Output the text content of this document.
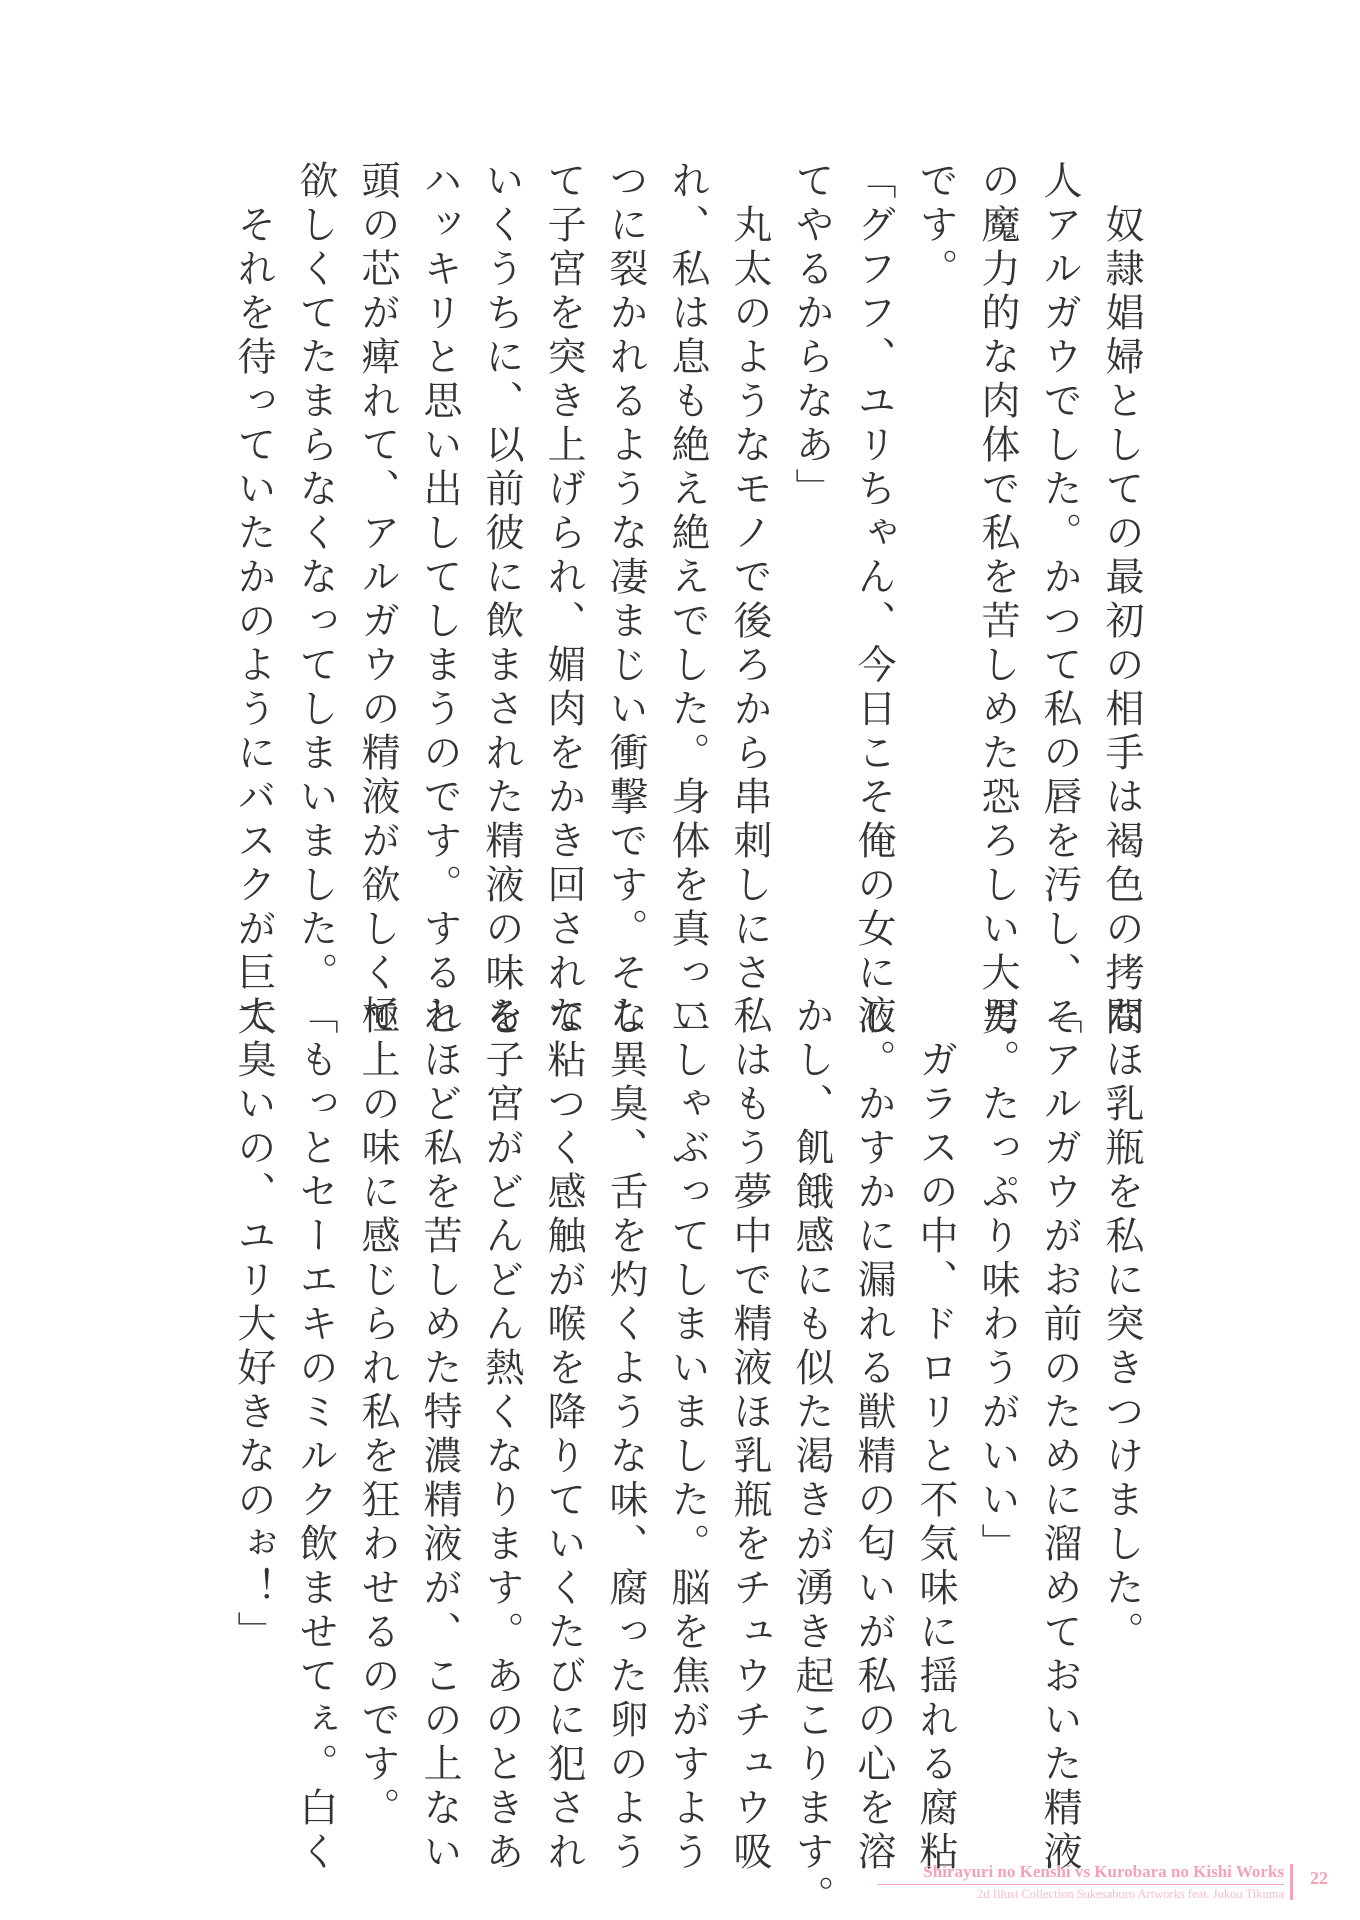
　奴隷娼婦としての最初の相手は褐色の拷問
人アルガウでした。かつて私の唇を汚し、そ
の魔力的な肉体で私を苦しめた恐ろしい大男
です。
「グフフ、ユリちゃん、今日こそ俺の女にし
てやるからなあ」
　丸太のようなモノで後ろから串刺しにさ
れ、私は息も絶え絶えでした。身体を真っ二
つに裂かれるような凄まじい衝撃です。そし
て子宮を突き上げられ、媚肉をかき回されて
いくうちに、以前彼に飲まされた精液の味を
ハッキリと思い出してしまうのです。すると
頭の芯が痺れて、アルガウの精液が欲しくて
欲しくてたまらなくなってしまいました。
　それを待っていたかのようにバスクが巨大
なほ乳瓶を私に突きつけました。
「アルガウがお前のために溜めておいた精液
だ。たっぷり味わうがいい」
　ガラスの中、ドロリと不気味に揺れる腐粘
液。かすかに漏れる獣精の匂いが私の心を溶
かし、飢餓感にも似た渇きが湧き起こります。
私はもう夢中で精液ほ乳瓶をチュウチュウ吸
いしゃぶってしまいました。脳を焦がすよう
な異臭、舌を灼くような味、腐った卵のよう
な粘つく感触が喉を降りていくたびに犯され
る子宮がどんどん熱くなります。あのときあ
れほど私を苦しめた特濃精液が、この上ない
極上の味に感じられ私を狂わせるのです。
「もっとセーエキのミルク飲ませてぇ。白く
て臭いの、ユリ大好きなのぉ！」
Shirayuri no Kenshi vs Kurobara no Kishi Works
2d Illust Collection Sukesaburo Artworks feat. Jukou Tikuma
22
